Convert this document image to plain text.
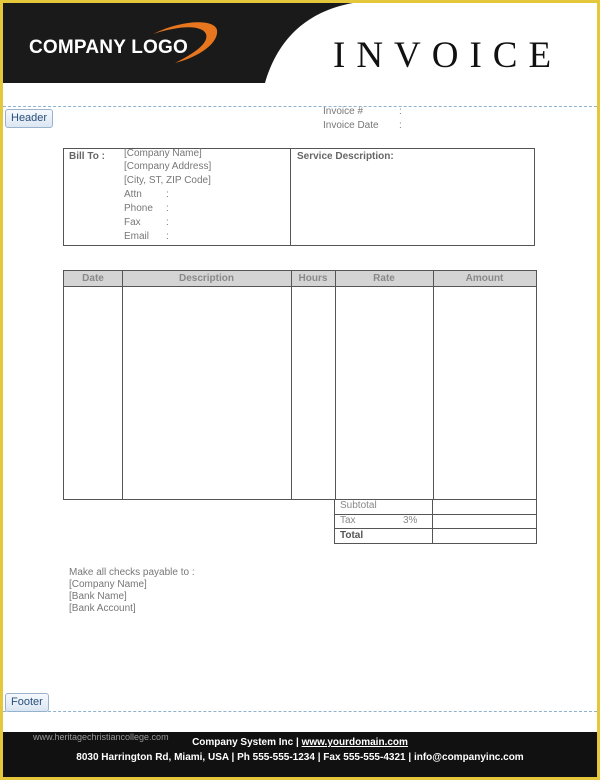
COMPANY LOGO	INVOICE
Header
Invoice #	:
Invoice Date :
Bill To : [Company Name]
[Company Address]
[City, ST, ZIP Code]
Attn :
Phone :
Fax	:
Email :
Service Description:
Date	Description	Hours	Rate	Amount
Subtotal
Tax	3%
Total
Make all checks payable to :
[Company Name]
[Bank Name]
[Bank Account]
Footer
www.heritagechristiancollege.com	Company System Inc | www.yourdomain.com
8030 Harrington Rd, Miami, USA | Ph 555-555-1234 | Fax 555-555-4321 | info@companyinc.com
